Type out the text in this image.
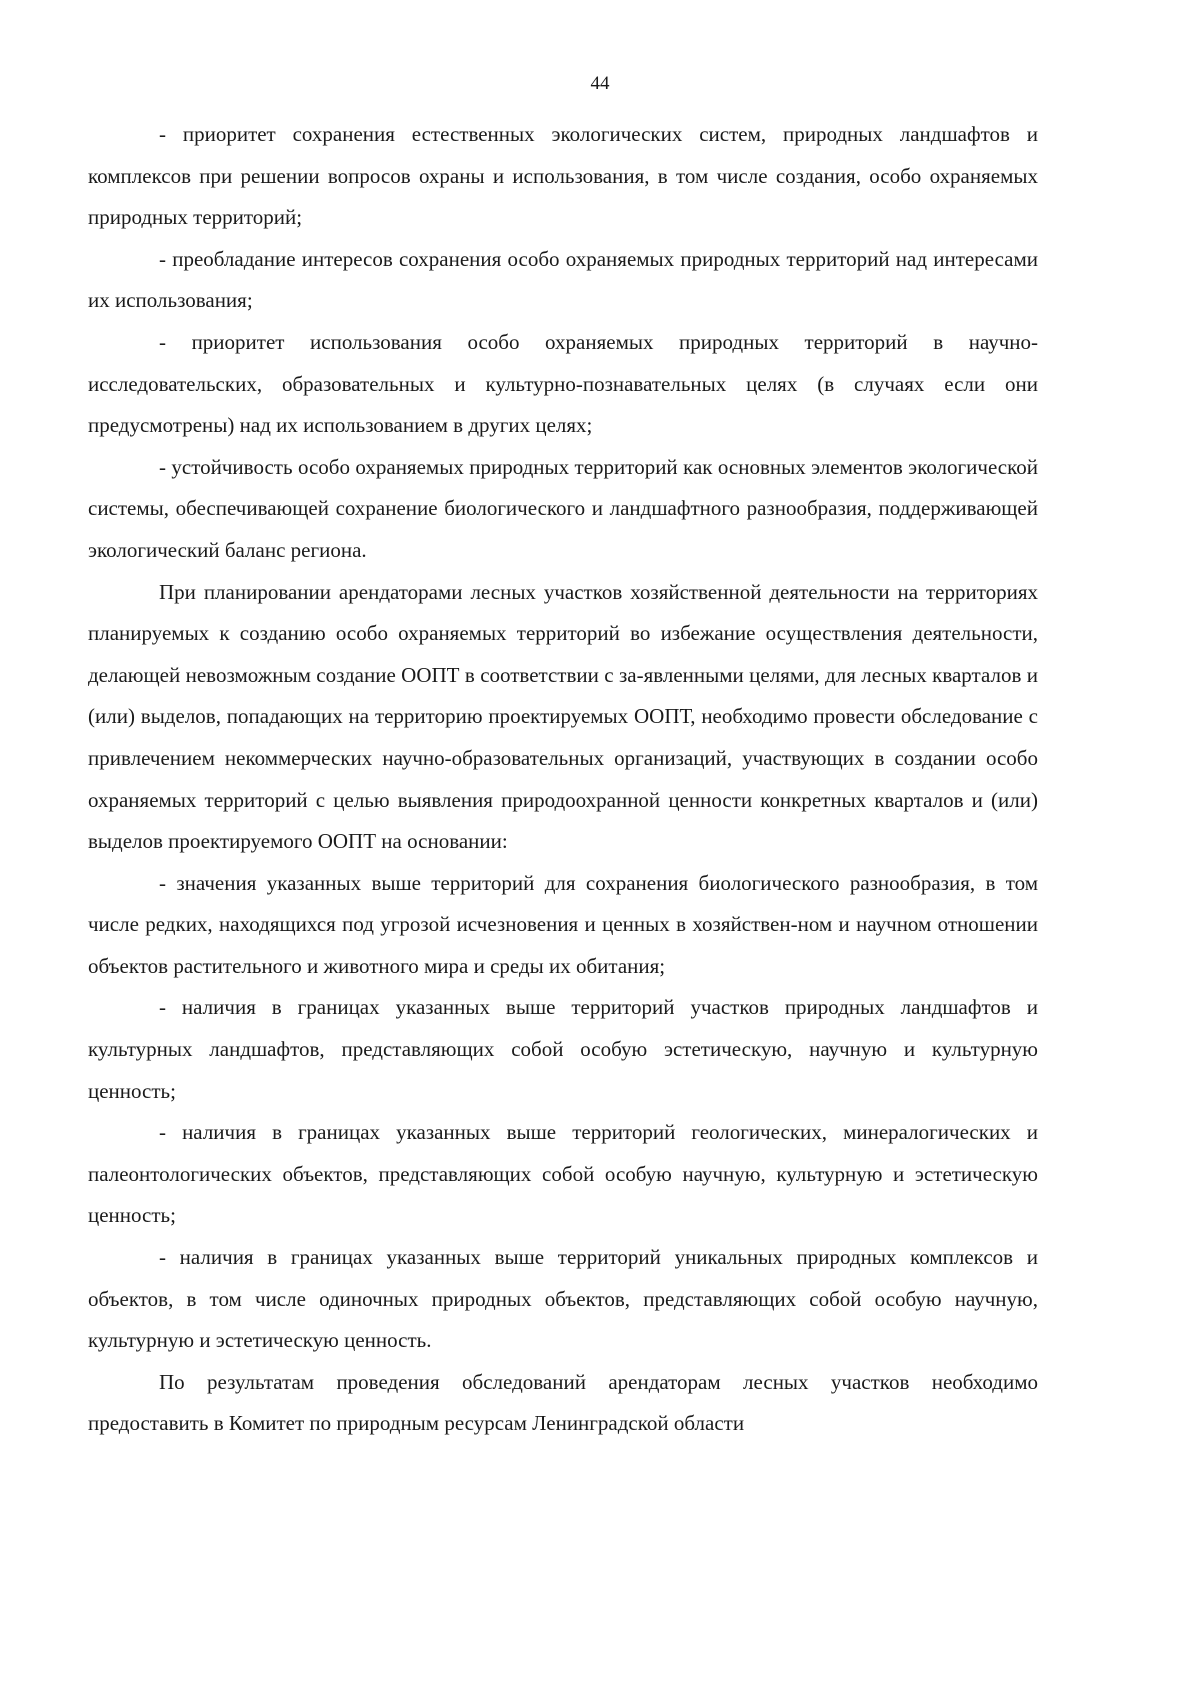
44

- приоритет сохранения естественных экологических систем, природных ландшафтов и комплексов при решении вопросов охраны и использования, в том числе создания, особо охраняемых природных территорий;

- преобладание интересов сохранения особо охраняемых природных территорий над интересами их использования;

- приоритет использования особо охраняемых природных территорий в научно-исследовательских, образовательных и культурно-познавательных целях (в случаях если они предусмотрены) над их использованием в других целях;

- устойчивость особо охраняемых природных территорий как основных элементов экологической системы, обеспечивающей сохранение биологического и ландшафтного разнообразия, поддерживающей экологический баланс региона.

При планировании арендаторами лесных участков хозяйственной деятельности на территориях планируемых к созданию особо охраняемых территорий во избежание осуществления деятельности, делающей невозможным создание ООПТ в соответствии с за-явленными целями, для лесных кварталов и (или) выделов, попадающих на территорию проектируемых ООПТ, необходимо провести обследование с привлечением некоммерческих научно-образовательных организаций, участвующих в создании особо охраняемых территорий с целью выявления природоохранной ценности конкретных кварталов и (или) выделов проектируемого ООПТ на основании:

- значения указанных выше территорий для сохранения биологического разнообразия, в том числе редких, находящихся под угрозой исчезновения и ценных в хозяйствен-ном и научном отношении объектов растительного и животного мира и среды их обитания;

- наличия в границах указанных выше территорий участков природных ландшафтов и культурных ландшафтов, представляющих собой особую эстетическую, научную и культурную ценность;

- наличия в границах указанных выше территорий геологических, минералогических и палеонтологических объектов, представляющих собой особую научную, культурную и эстетическую ценность;

- наличия в границах указанных выше территорий уникальных природных комплексов и объектов, в том числе одиночных природных объектов, представляющих собой особую научную, культурную и эстетическую ценность.

По результатам проведения обследований арендаторам лесных участков необходимо предоставить в Комитет по природным ресурсам Ленинградской области
